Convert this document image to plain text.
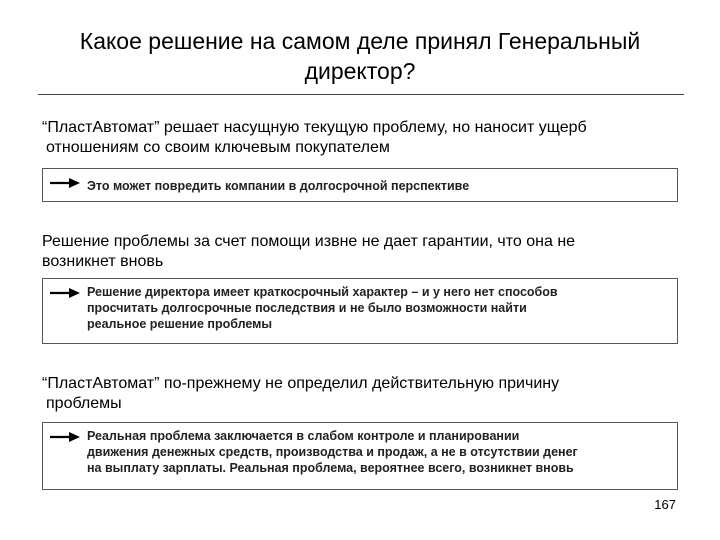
Какое решение на самом деле принял Генеральный
директор?

“ПластАвтомат” решает насущную текущую проблему, но наносит ущерб
отношениям со своим ключевым покупателем

Это может повредить компании в долгосрочной перспективе

Решение проблемы за счет помощи извне не дает гарантии, что она не
возникнет вновь

Решение директора имеет краткосрочный характер – и у него нет способов
просчитать долгосрочные последствия и не было возможности найти
реальное решение проблемы

“ПластАвтомат” по-прежнему не определил действительную причину
проблемы

Реальная проблема заключается в слабом контроле и планировании
движения денежных средств, производства и продаж, а не в отсутствии денег
на выплату зарплаты. Реальная проблема, вероятнее всего, возникнет вновь

167
